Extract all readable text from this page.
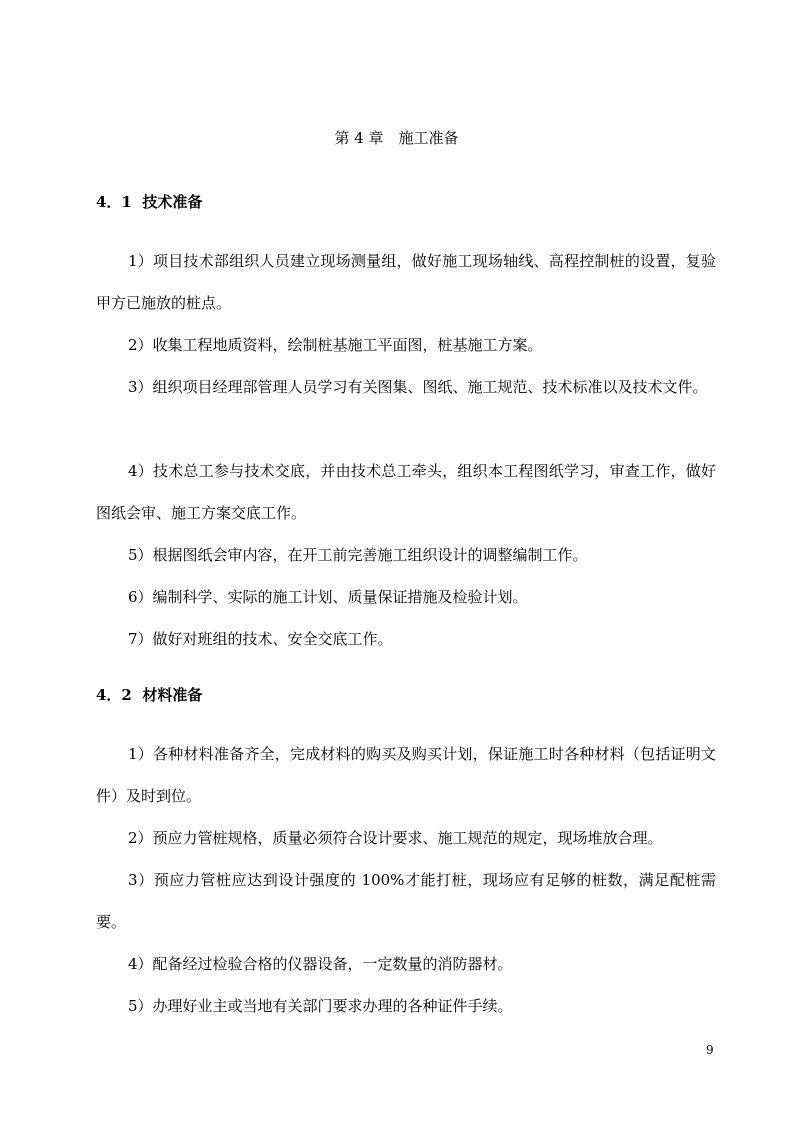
第 4 章　施工准备
4．1 技术准备

1）项目技术部组织人员建立现场测量组，做好施工现场轴线、高程控制桩的设置，复验甲方已施放的桩点。

2）收集工程地质资料，绘制桩基施工平面图，桩基施工方案。

3）组织项目经理部管理人员学习有关图集、图纸、施工规范、技术标准以及技术文件。

4）技术总工参与技术交底，并由技术总工牵头，组织本工程图纸学习，审查工作，做好图纸会审、施工方案交底工作。

5）根据图纸会审内容，在开工前完善施工组织设计的调整编制工作。

6）编制科学、实际的施工计划、质量保证措施及检验计划。

7）做好对班组的技术、安全交底工作。

4．2 材料准备

1）各种材料准备齐全，完成材料的购买及购买计划，保证施工时各种材料（包括证明文件）及时到位。

2）预应力管桩规格，质量必须符合设计要求、施工规范的规定，现场堆放合理。

3）预应力管桩应达到设计强度的 100%才能打桩，现场应有足够的桩数，满足配桩需要。

4）配备经过检验合格的仪器设备，一定数量的消防器材。

5）办理好业主或当地有关部门要求办理的各种证件手续。

9
